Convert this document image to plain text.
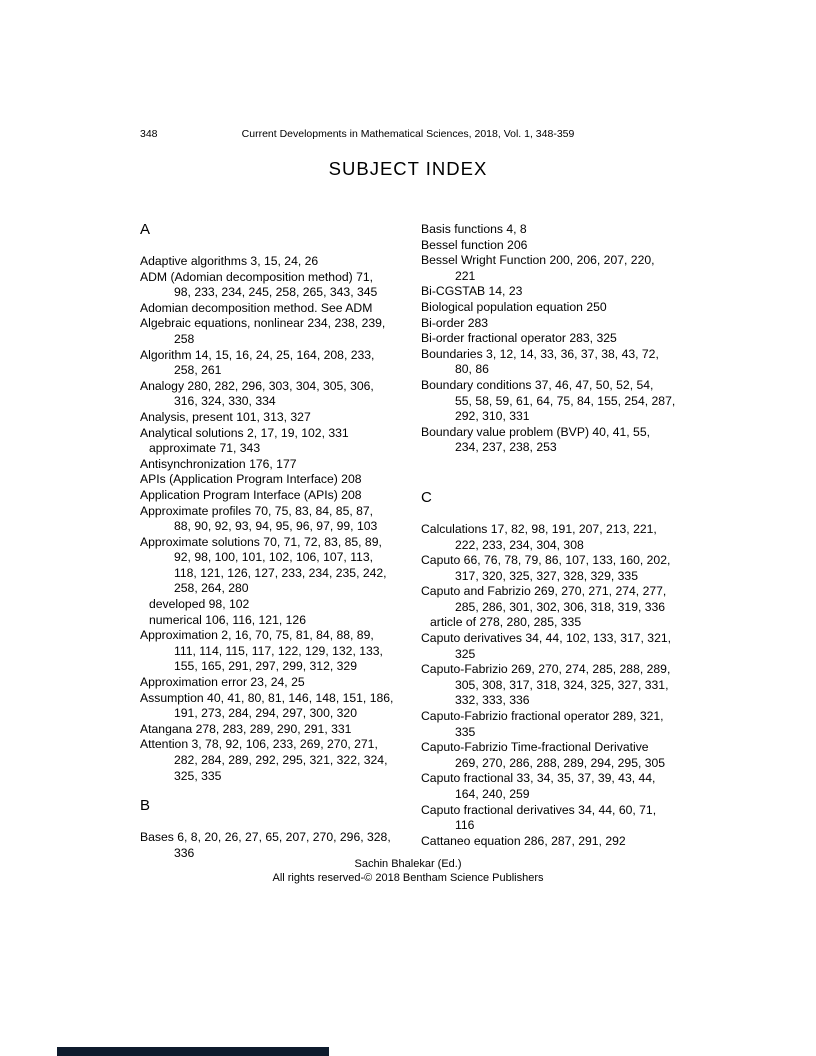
348	Current Developments in Mathematical Sciences, 2018, Vol. 1, 348-359
SUBJECT INDEX
A
Adaptive algorithms 3, 15, 24, 26
ADM (Adomian decomposition method) 71,
98, 233, 234, 245, 258, 265, 343, 345
Adomian decomposition method. See ADM
Algebraic equations, nonlinear 234, 238, 239,
258
Algorithm 14, 15, 16, 24, 25, 164, 208, 233,
258, 261
Analogy 280, 282, 296, 303, 304, 305, 306,
316, 324, 330, 334
Analysis, present 101, 313, 327
Analytical solutions 2, 17, 19, 102, 331
approximate 71, 343
Antisynchronization 176, 177
APIs (Application Program Interface) 208
Application Program Interface (APIs) 208
Approximate profiles 70, 75, 83, 84, 85, 87,
88, 90, 92, 93, 94, 95, 96, 97, 99, 103
Approximate solutions 70, 71, 72, 83, 85, 89,
92, 98, 100, 101, 102, 106, 107, 113,
118, 121, 126, 127, 233, 234, 235, 242,
258, 264, 280
developed 98, 102
numerical 106, 116, 121, 126
Approximation 2, 16, 70, 75, 81, 84, 88, 89,
111, 114, 115, 117, 122, 129, 132, 133,
155, 165, 291, 297, 299, 312, 329
Approximation error 23, 24, 25
Assumption 40, 41, 80, 81, 146, 148, 151, 186,
191, 273, 284, 294, 297, 300, 320
Atangana 278, 283, 289, 290, 291, 331
Attention 3, 78, 92, 106, 233, 269, 270, 271,
282, 284, 289, 292, 295, 321, 322, 324,
325, 335
B
Bases 6, 8, 20, 26, 27, 65, 207, 270, 296, 328,
336
Basis functions 4, 8
Bessel function 206
Bessel Wright Function 200, 206, 207, 220,
221
Bi-CGSTAB 14, 23
Biological population equation 250
Bi-order 283
Bi-order fractional operator 283, 325
Boundaries 3, 12, 14, 33, 36, 37, 38, 43, 72,
80, 86
Boundary conditions 37, 46, 47, 50, 52, 54,
55, 58, 59, 61, 64, 75, 84, 155, 254, 287,
292, 310, 331
Boundary value problem (BVP) 40, 41, 55,
234, 237, 238, 253
C
Calculations 17, 82, 98, 191, 207, 213, 221,
222, 233, 234, 304, 308
Caputo 66, 76, 78, 79, 86, 107, 133, 160, 202,
317, 320, 325, 327, 328, 329, 335
Caputo and Fabrizio 269, 270, 271, 274, 277,
285, 286, 301, 302, 306, 318, 319, 336
article of 278, 280, 285, 335
Caputo derivatives 34, 44, 102, 133, 317, 321,
325
Caputo-Fabrizio 269, 270, 274, 285, 288, 289,
305, 308, 317, 318, 324, 325, 327, 331,
332, 333, 336
Caputo-Fabrizio fractional operator 289, 321,
335
Caputo-Fabrizio Time-fractional Derivative
269, 270, 286, 288, 289, 294, 295, 305
Caputo fractional 33, 34, 35, 37, 39, 43, 44,
164, 240, 259
Caputo fractional derivatives 34, 44, 60, 71,
116
Cattaneo equation 286, 287, 291, 292
Sachin Bhalekar (Ed.)
All rights reserved-© 2018 Bentham Science Publishers
